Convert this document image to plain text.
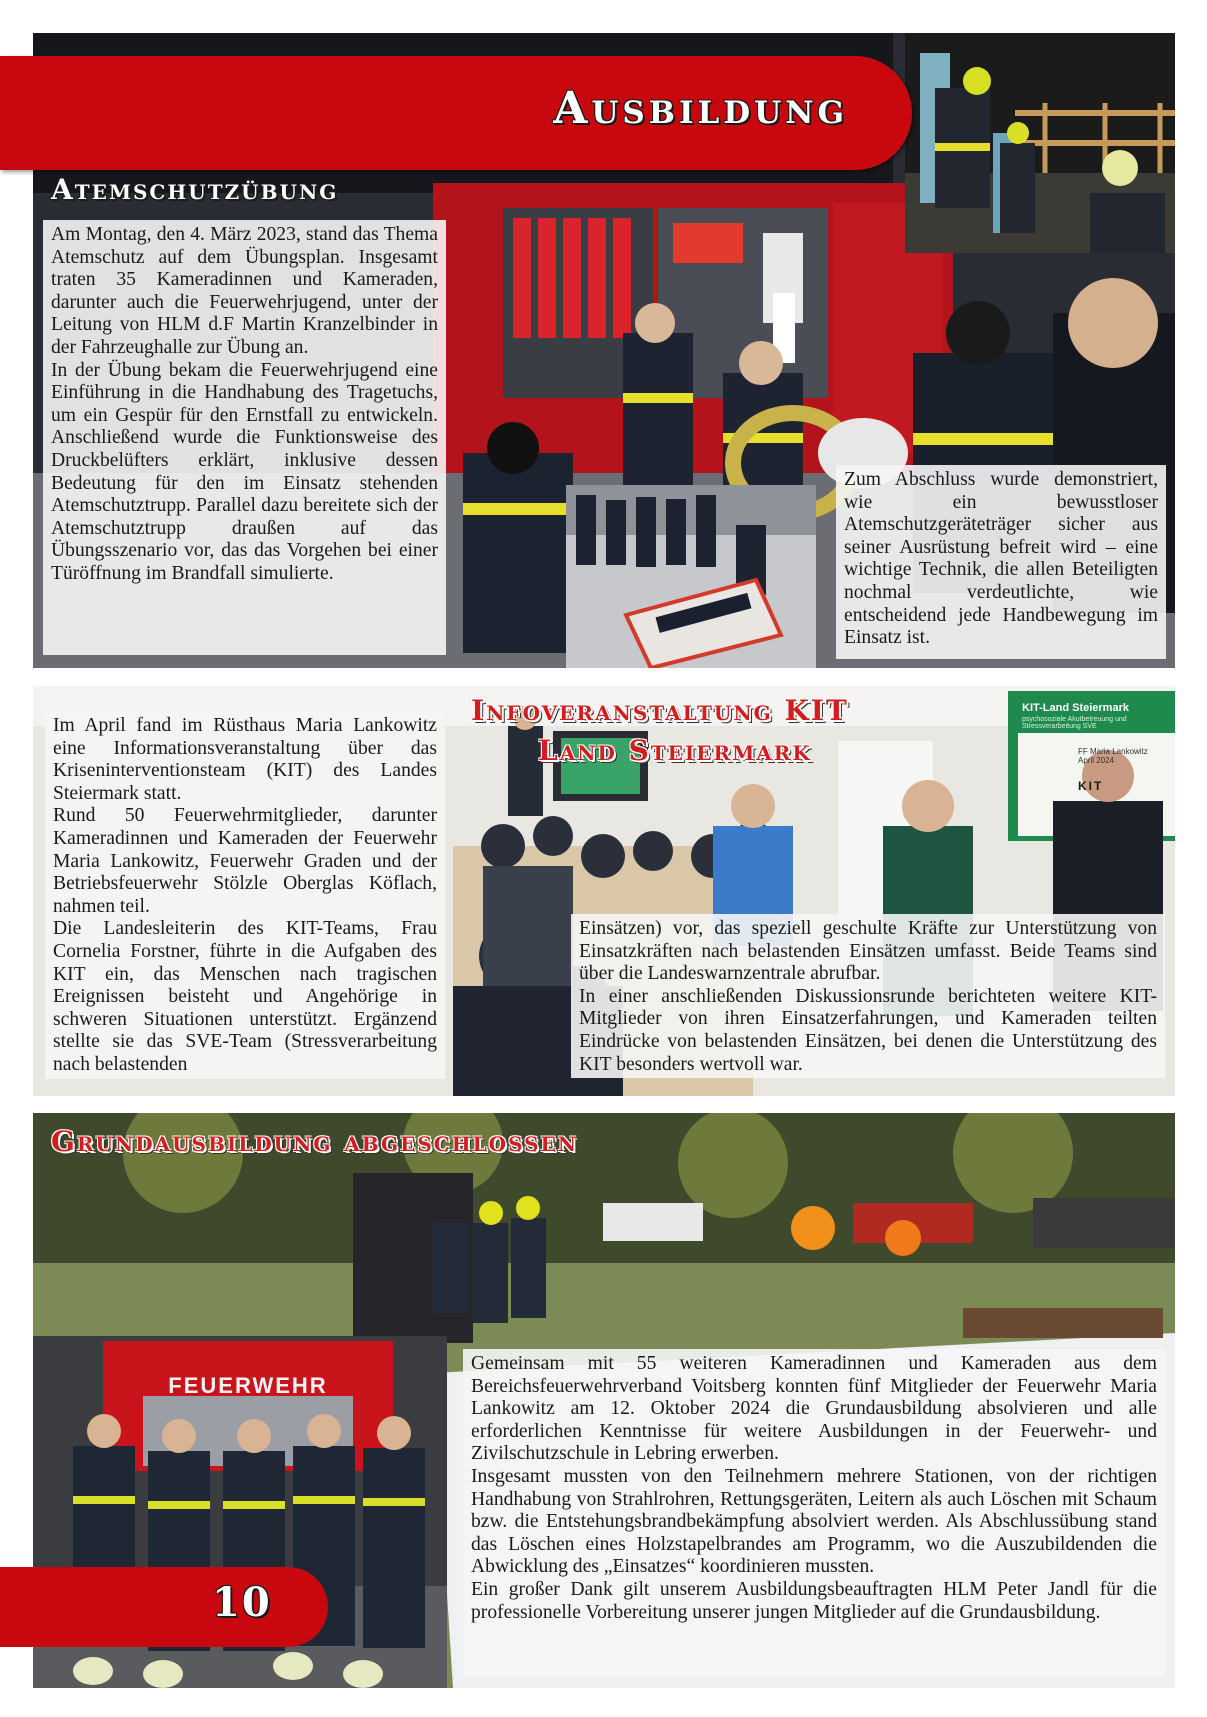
Atemschutzübung

Am Montag, den 4. März 2023, stand das Thema Atemschutz auf dem Übungsplan. Insgesamt traten 35 Kameradinnen und Kameraden, darunter auch die Feuerwehrjugend, unter der Leitung von HLM d.F Martin Kranzelbinder in der Fahrzeughalle zur Übung an.

In der Übung bekam die Feuerwehrjugend eine Einführung in die Handhabung des Tragetuchs, um ein Gespür für den Ernstfall zu entwickeln. Anschließend wurde die Funktionsweise des Druckbelüfters erklärt, inklusive dessen Bedeutung für den im Einsatz stehenden Atemschutztrupp. Parallel dazu bereitete sich der Atemschutztrupp draußen auf das Übungsszenario vor, das das Vorgehen bei einer Türöffnung im Brandfall simulierte.

Zum Abschluss wurde demonstriert, wie ein bewusstloser Atemschutzgeräteträger sicher aus seiner Ausrüstung befreit wird – eine wichtige Technik, die allen Beteiligten nochmal verdeutlichte, wie entscheidend jede Handbewegung im Einsatz ist.

Ausbildung
KIT-Land Steiermark
psychosoziale Akutbetreuung und Stressverarbeitung SVE
FF Maria Lankowitz
April 2024
KIT
Infoveranstaltung KIT
Land Steiermark

Im April fand im Rüsthaus Maria Lankowitz eine Informationsveranstaltung über das Kriseninterventionsteam (KIT) des Landes Steiermark statt.

Rund 50 Feuerwehrmitglieder, darunter Kameradinnen und Kameraden der Feuerwehr Maria Lankowitz, Feuerwehr Graden und der Betriebsfeuerwehr Stölzle Oberglas Köflach, nahmen teil.

Die Landesleiterin des KIT-Teams, Frau Cornelia Forstner, führte in die Aufgaben des KIT ein, das Menschen nach tragischen Ereignissen beisteht und Angehörige in schweren Situationen unterstützt. Ergänzend stellte sie das SVE-Team (Stressverarbeitung nach belastenden

Einsätzen) vor, das speziell geschulte Kräfte zur Unterstützung von Einsatzkräften nach belastenden Einsätzen umfasst. Beide Teams sind über die Landeswarnzentrale abrufbar.

In einer anschließenden Diskussionsrunde berichteten weitere KIT-Mitglieder von ihren Einsatzerfahrungen, und Kameraden teilten Eindrücke von belastenden Einsätzen, bei denen die Unterstützung des KIT besonders wertvoll war.

FEUERWEHR
Grundausbildung abgeschlossen

Gemeinsam mit 55 weiteren Kameradinnen und Kameraden aus dem Bereichsfeuerwehrverband Voitsberg konnten fünf Mitglieder der Feuerwehr Maria Lankowitz am 12. Oktober 2024 die Grundausbildung absolvieren und alle erforderlichen Kenntnisse für weitere Ausbildungen in der Feuerwehr- und Zivilschutzschule in Lebring erwerben.

Insgesamt mussten von den Teilnehmern mehrere Stationen, von der richtigen Handhabung von Strahlrohren, Rettungsgeräten, Leitern als auch Löschen mit Schaum bzw. die Entstehungsbrandbekämpfung absolviert werden. Als Abschlussübung stand das Löschen eines Holzstapelbrandes am Programm, wo die Auszubildenden die Abwicklung des „Einsatzes“ koordinieren mussten.

Ein großer Dank gilt unserem Ausbildungsbeauftragten HLM Peter Jandl für die professionelle Vorbereitung unserer jungen Mitglieder auf die Grundausbildung.

10
